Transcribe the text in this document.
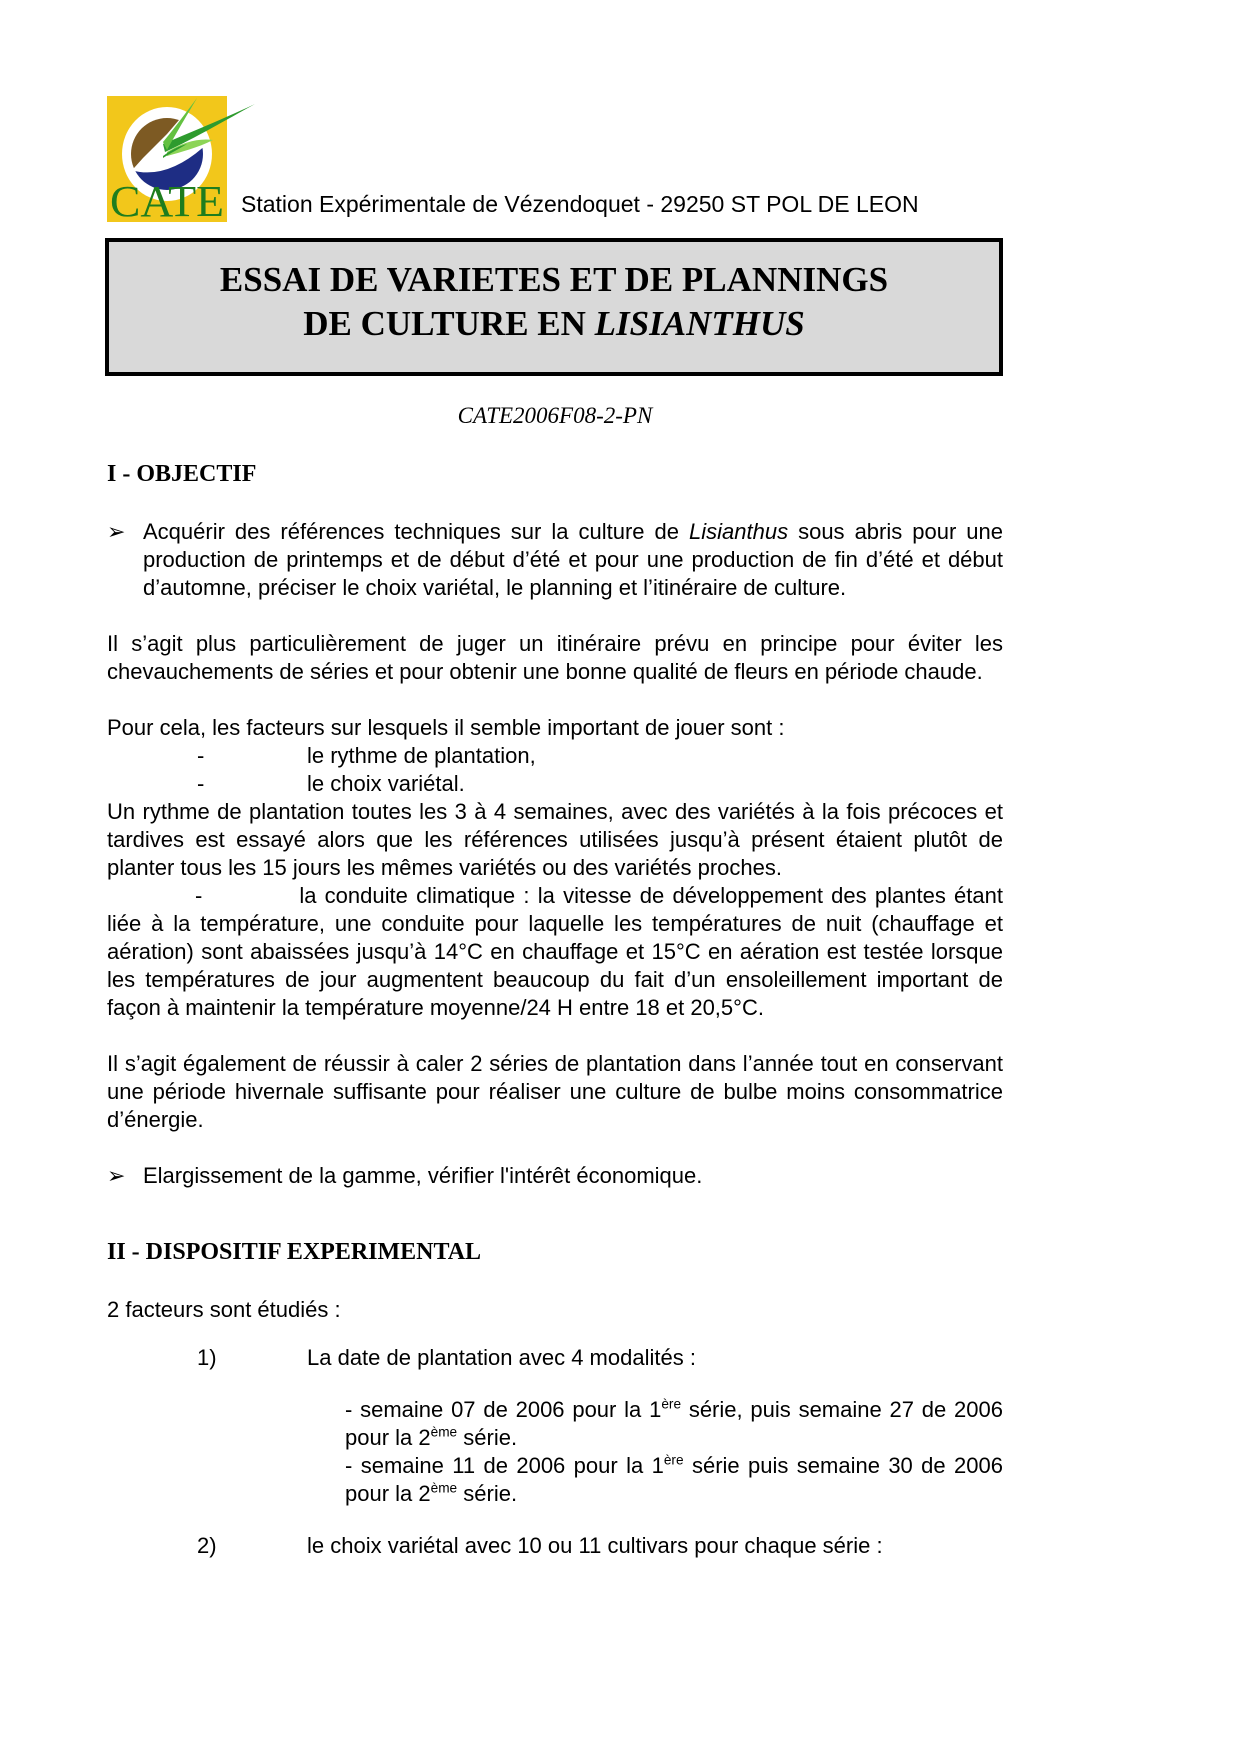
CATE Station Expérimentale de Vézendoquet - 29250 ST POL DE LEON
ESSAI DE VARIETES ET DE PLANNINGS
DE CULTURE EN LISIANTHUS
CATE2006F08-2-PN
I - OBJECTIF

➢ Acquérir des références techniques sur la culture de Lisianthus sous abris pour une production de printemps et de début d’été et pour une production de fin d’été et début d’automne, préciser le choix variétal, le planning et l’itinéraire de culture.

Il s’agit plus particulièrement de juger un itinéraire prévu en principe pour éviter les chevauchements de séries et pour obtenir une bonne qualité de fleurs en période chaude.

Pour cela, les facteurs sur lesquels il semble important de jouer sont :

-	le rythme de plantation,
-	le choix variétal.

Un rythme de plantation toutes les 3 à 4 semaines, avec des variétés à la fois précoces et tardives est essayé alors que les références utilisées jusqu’à présent étaient plutôt de planter tous les 15 jours les mêmes variétés ou des variétés proches.

-	la conduite climatique : la vitesse de développement des plantes étant liée à la température, une conduite pour laquelle les températures de nuit (chauffage et aération) sont abaissées jusqu’à 14°C en chauffage et 15°C en aération est testée lorsque les températures de jour augmentent beaucoup du fait d’un ensoleillement important de façon à maintenir la température moyenne/24 H entre 18 et 20,5°C.

Il s’agit également de réussir à caler 2 séries de plantation dans l’année tout en conservant une période hivernale suffisante pour réaliser une culture de bulbe moins consommatrice d’énergie.

➢ Elargissement de la gamme, vérifier l'intérêt économique.

II - DISPOSITIF EXPERIMENTAL

2 facteurs sont étudiés :

1)	La date de plantation avec 4 modalités :

- semaine 07 de 2006 pour la 1ère série, puis semaine 27 de 2006 pour la 2ème série.

- semaine 11 de 2006 pour la 1ère série puis semaine 30 de 2006 pour la 2ème série.

2)	le choix variétal avec 10 ou 11 cultivars pour chaque série :
